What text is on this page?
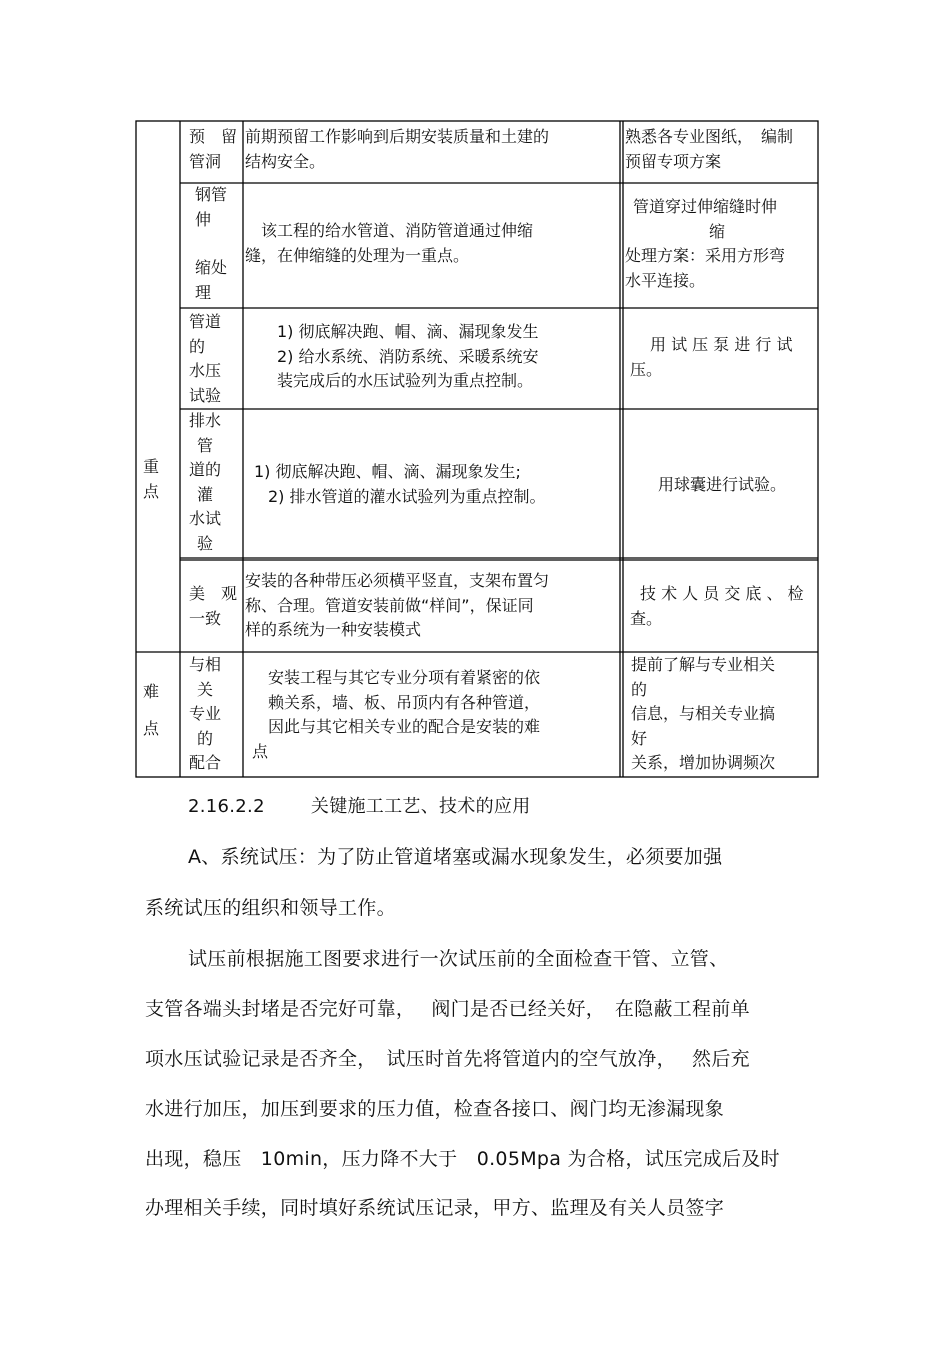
重
点
难
点
预　留
管洞
前期预留工作影响到后期安装质量和土建的
结构安全。
熟悉各专业图纸，　编制
预留专项方案
钢管
伸
缩处
理
　该工程的给水管道、消防管道通过伸缩
缝，在伸缩缝的处理为一重点。
管道穿过伸缩缝时伸
缩
处理方案：采用方形弯
水平连接。
管道
的
水压
试验
1) 彻底解决跑、帽、滴、漏现象发生
2) 给水系统、消防系统、采暖系统安
装完成后的水压试验列为重点控制。
用 试 压 泵 进 行 试
压。
排水
管
道的
灌
水试
验
1) 彻底解决跑、帽、滴、漏现象发生;
2) 排水管道的灌水试验列为重点控制。
用球囊进行试验。
美　观
一致
安装的各种带压必须横平竖直，支架布置匀
称、合理。管道安装前做“样间”，保证同
样的系统为一种安装模式
技 术 人 员 交 底 、 检
查。
与相
关
专业
的
配合
安装工程与其它专业分项有着紧密的依
赖关系，墙、板、吊顶内有各种管道，
因此与其它相关专业的配合是安装的难
点
提前了解与专业相关
的
信息，与相关专业搞
好
关系，增加协调频次
2.16.2.2	关键施工工艺、技术的应用
A、系统试压：为了防止管道堵塞或漏水现象发生，必须要加强
系统试压的组织和领导工作。
试压前根据施工图要求进行一次试压前的全面检查干管、立管、
支管各端头封堵是否完好可靠，　 阀门是否已经关好，　在隐蔽工程前单
项水压试验记录是否齐全，　试压时首先将管道内的空气放净，　 然后充
水进行加压，加压到要求的压力值，检查各接口、阀门均无渗漏现象
出现，稳压　10min，压力降不大于　0.05Mpa 为合格，试压完成后及时
办理相关手续，同时填好系统试压记录，甲方、监理及有关人员签字
